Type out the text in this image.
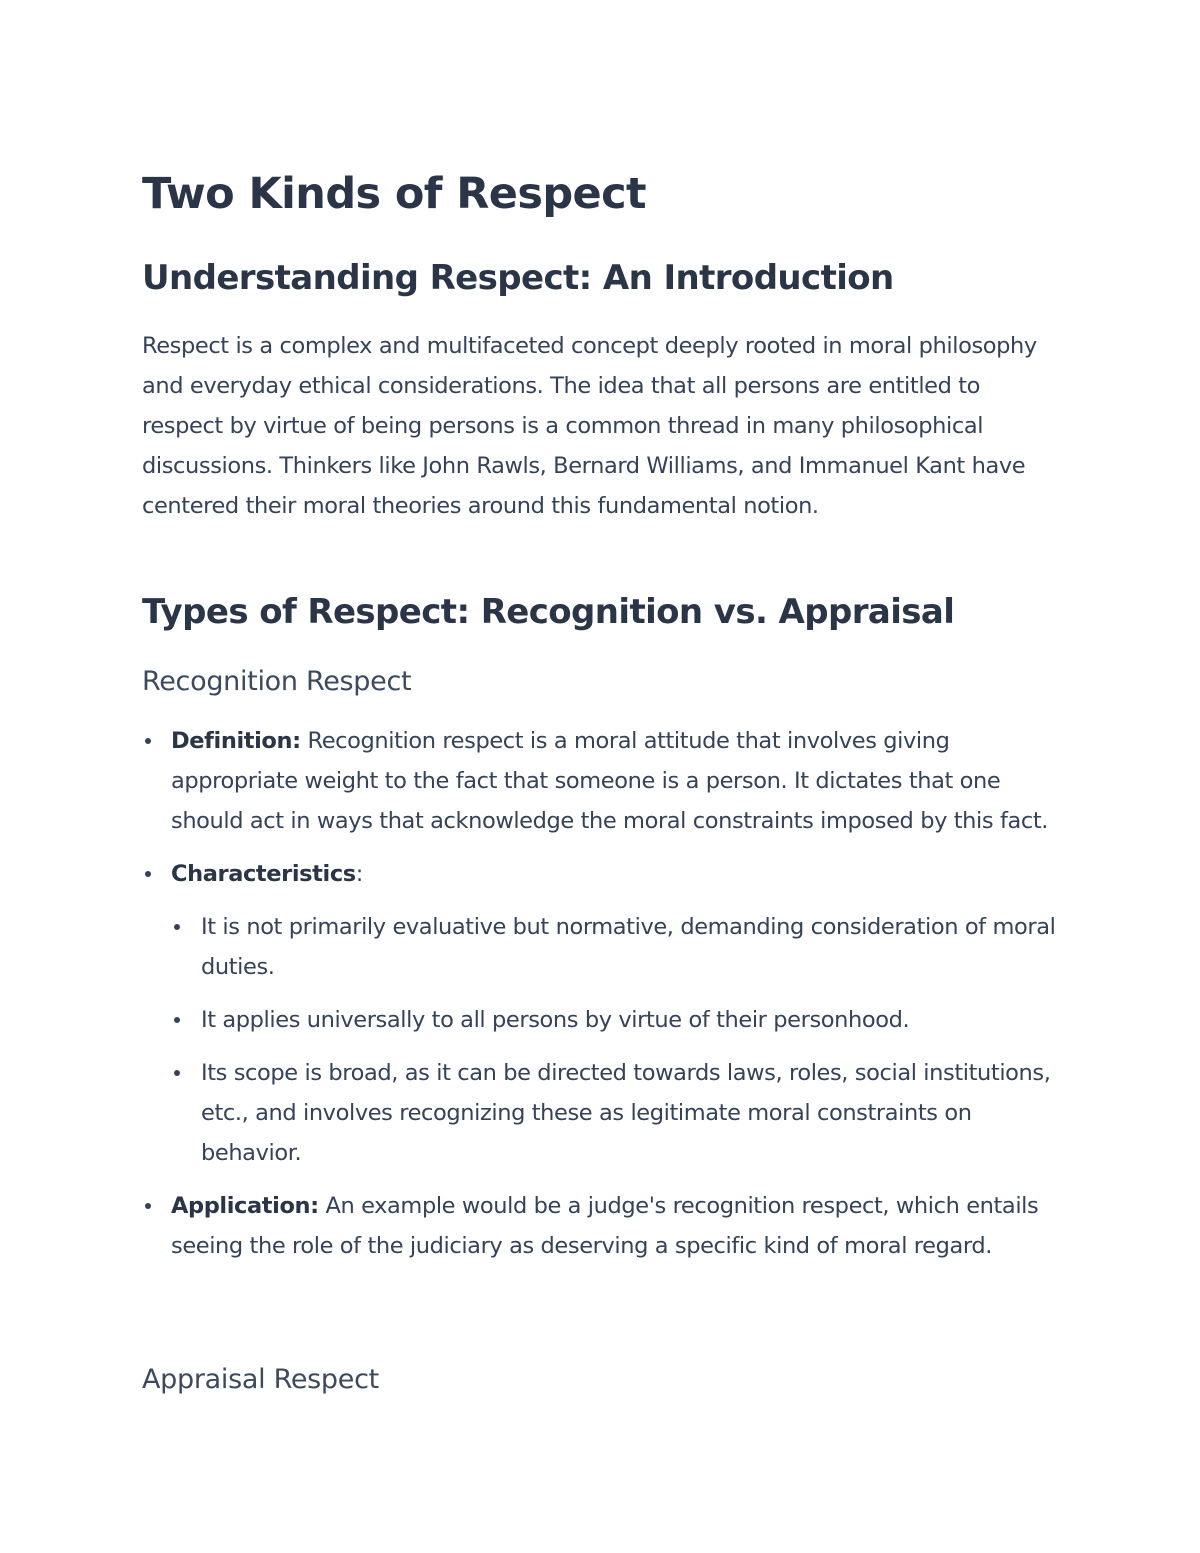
Two Kinds of Respect
Understanding Respect: An Introduction

Respect is a complex and multifaceted concept deeply rooted in moral philosophy and everyday ethical considerations. The idea that all persons are entitled to respect by virtue of being persons is a common thread in many philosophical discussions. Thinkers like John Rawls, Bernard Williams, and Immanuel Kant have centered their moral theories around this fundamental notion.

Types of Respect: Recognition vs. Appraisal
Recognition Respect
Definition: Recognition respect is a moral attitude that involves giving appropriate weight to the fact that someone is a person. It dictates that one should act in ways that acknowledge the moral constraints imposed by this fact.
Characteristics:
It is not primarily evaluative but normative, demanding consideration of moral duties.
It applies universally to all persons by virtue of their personhood.
Its scope is broad, as it can be directed towards laws, roles, social institutions, etc., and involves recognizing these as legitimate moral constraints on behavior.
Application: An example would be a judge's recognition respect, which entails seeing the role of the judiciary as deserving a specific kind of moral regard.
Appraisal Respect
